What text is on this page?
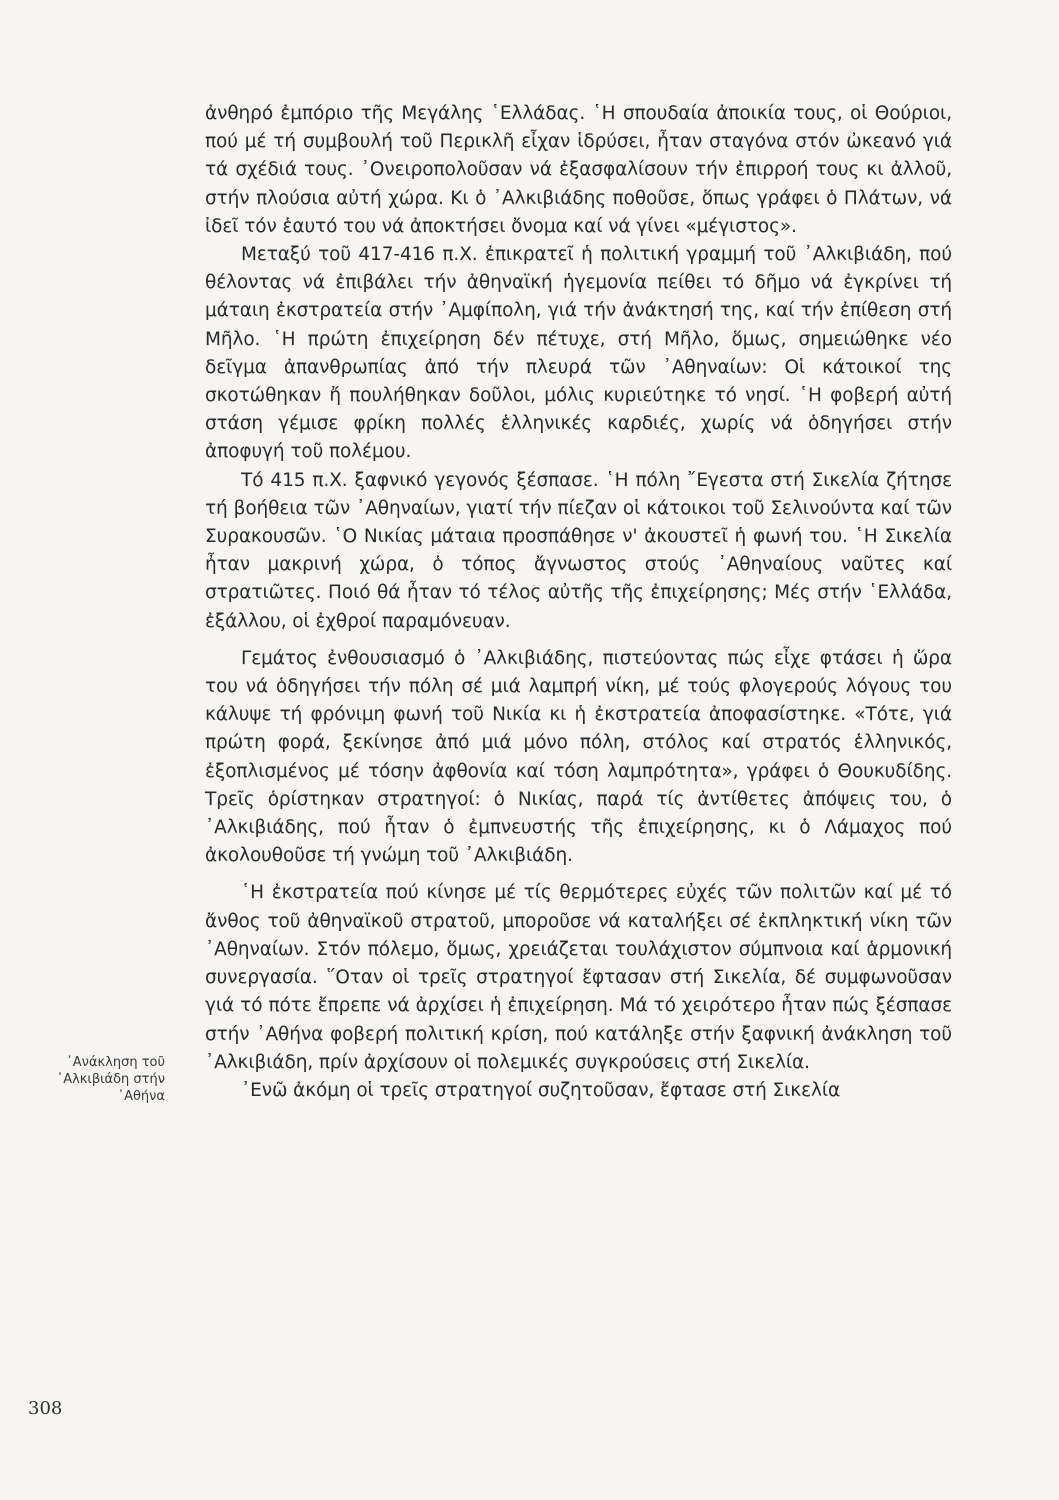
ἀνθηρό ἐμπόριο τῆς Μεγάλης ῾Ελλάδας. ῾Η σπουδαία ἀποικία τους, οἱ Θούριοι, πού μέ τή συμβουλή τοῦ Περικλῆ εἶχαν ἱδρύσει, ἦταν σταγόνα στόν ὠκεανό γιά τά σχέδιά τους. ᾿Ονειροπολοῦσαν νά ἐξασφαλίσουν τήν ἐπιρροή τους κι ἀλλοῦ, στήν πλούσια αὐτή χώρα. Κι ὁ ᾿Αλκιβιάδης ποθοῦσε, ὅπως γράφει ὁ Πλάτων, νά ἰδεῖ τόν ἑαυτό του νά ἀποκτήσει ὄνομα καί νά γίνει «μέγιστος».

Μεταξύ τοῦ 417-416 π.Χ. ἐπικρατεῖ ἡ πολιτική γραμμή τοῦ ᾿Αλκιβιάδη, πού θέλοντας νά ἐπιβάλει τήν ἀθηναϊκή ἡγεμονία πείθει τό δῆμο νά ἐγκρίνει τή μάταιη ἐκστρατεία στήν ᾿Αμφίπολη, γιά τήν ἀνάκτησή της, καί τήν ἐπίθεση στή Μῆλο. ῾Η πρώτη ἐπιχείρηση δέν πέτυχε, στή Μῆλο, ὅμως, σημειώθηκε νέο δεῖγμα ἀπανθρωπίας ἀπό τήν πλευρά τῶν ᾿Αθηναίων: Οἱ κάτοικοί της σκοτώθηκαν ἤ πουλήθηκαν δοῦλοι, μόλις κυριεύτηκε τό νησί. ῾Η φοβερή αὐτή στάση γέμισε φρίκη πολλές ἑλληνικές καρδιές, χωρίς νά ὁδηγήσει στήν ἀποφυγή τοῦ πολέμου.

Τό 415 π.Χ. ξαφνικό γεγονός ξέσπασε. ῾Η πόλη ῎Εγεστα στή Σικελία ζήτησε τή βοήθεια τῶν ᾿Αθηναίων, γιατί τήν πίεζαν οἱ κάτοικοι τοῦ Σελινούντα καί τῶν Συρακουσῶν. ῾Ο Νικίας μάταια προσπάθησε ν' ἀκουστεῖ ἡ φωνή του. ῾Η Σικελία ἦταν μακρινή χώρα, ὁ τόπος ἄγνωστος στούς ᾿Αθηναίους ναῦτες καί στρατιῶτες. Ποιό θά ἦταν τό τέλος αὐτῆς τῆς ἐπιχείρησης; Μές στήν ῾Ελλάδα, ἐξάλλου, οἱ ἐχθροί παραμόνευαν.

Γεμάτος ἐνθουσιασμό ὁ ᾿Αλκιβιάδης, πιστεύοντας πώς εἶχε φτάσει ἡ ὥρα του νά ὁδηγήσει τήν πόλη σέ μιά λαμπρή νίκη, μέ τούς φλογερούς λόγους του κάλυψε τή φρόνιμη φωνή τοῦ Νικία κι ἡ ἐκστρατεία ἀποφασίστηκε. «Τότε, γιά πρώτη φορά, ξεκίνησε ἀπό μιά μόνο πόλη, στόλος καί στρατός ἑλληνικός, ἐξοπλισμένος μέ τόσην ἀφθονία καί τόση λαμπρότητα», γράφει ὁ Θουκυδίδης. Τρεῖς ὁρίστηκαν στρατηγοί: ὁ Νικίας, παρά τίς ἀντίθετες ἀπόψεις του, ὁ ᾿Αλκιβιάδης, πού ἦταν ὁ ἐμπνευστής τῆς ἐπιχείρησης, κι ὁ Λάμαχος πού ἀκολουθοῦσε τή γνώμη τοῦ ᾿Αλκιβιάδη.

῾Η ἐκστρατεία πού κίνησε μέ τίς θερμότερες εὐχές τῶν πολιτῶν καί μέ τό ἄνθος τοῦ ἀθηναϊκοῦ στρατοῦ, μποροῦσε νά καταλήξει σέ ἐκπληκτική νίκη τῶν ᾿Αθηναίων. Στόν πόλεμο, ὅμως, χρειάζεται τουλάχιστον σύμπνοια καί ἁρμονική συνεργασία. ῞Οταν οἱ τρεῖς στρατηγοί ἔφτασαν στή Σικελία, δέ συμφωνοῦσαν γιά τό πότε ἔπρεπε νά ἀρχίσει ἡ ἐπιχείρηση. Μά τό χειρότερο ἦταν πώς ξέσπασε στήν ᾿Αθήνα φοβερή πολιτική κρίση, πού κατάληξε στήν ξαφνική ἀνάκληση τοῦ ᾿Αλκιβιάδη, πρίν ἀρχίσουν οἱ πολεμικές συγκρούσεις στή Σικελία.

᾿Ενῶ ἀκόμη οἱ τρεῖς στρατηγοί συζητοῦσαν, ἔφτασε στή Σικελία

᾿Ανάκληση τοῦ
᾿Αλκιβιάδη στήν
᾿Αθήνα
308
